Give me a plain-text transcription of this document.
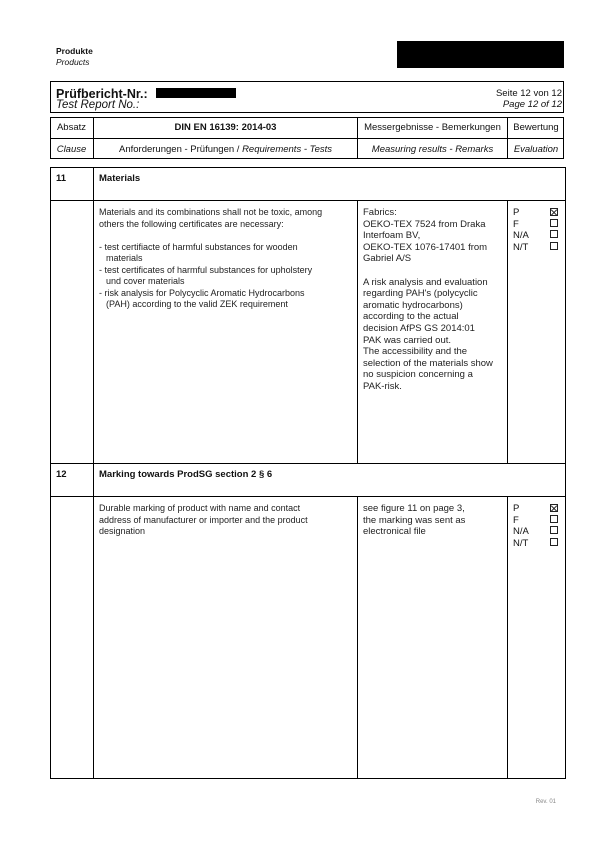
Produkte
Products
Prüfbericht-Nr.:
Test Report No.:
Seite 12 von 12
Page 12 of 12
Absatz
Clause
DIN EN 16139: 2014-03
Anforderungen - Prüfungen / Requirements - Tests
Messergebnisse - Bemerkungen
Measuring results - Remarks
Bewertung
Evaluation
11	Materials
Materials and its combinations shall not be toxic, among
others the following certificates are necessary:
- test certifiacte of harmful substances for wooden
materials
- test certificates of harmful substances for upholstery
und cover materials
- risk analysis for Polycyclic Aromatic Hydrocarbons
(PAH) according to the valid ZEK requirement
Fabrics:
OEKO-TEX 7524 from Draka
Interfoam BV,
OEKO-TEX 1076-17401 from
Gabriel A/S
A risk analysis and evaluation
regarding PAH's (polycyclic
aromatic hydrocarbons)
according to the actual
decision AfPS GS 2014:01
PAK was carried out.
The accessibility and the
selection of the materials show
no suspicion concerning a
PAK-risk.
P
F
N/A
N/T
12	Marking towards ProdSG section 2 § 6
Durable marking of product with name and contact
address of manufacturer or importer and the product
designation
see figure 11 on page 3,
the marking was sent as
electronical file
P
F
N/A
N/T
Rev. 01
